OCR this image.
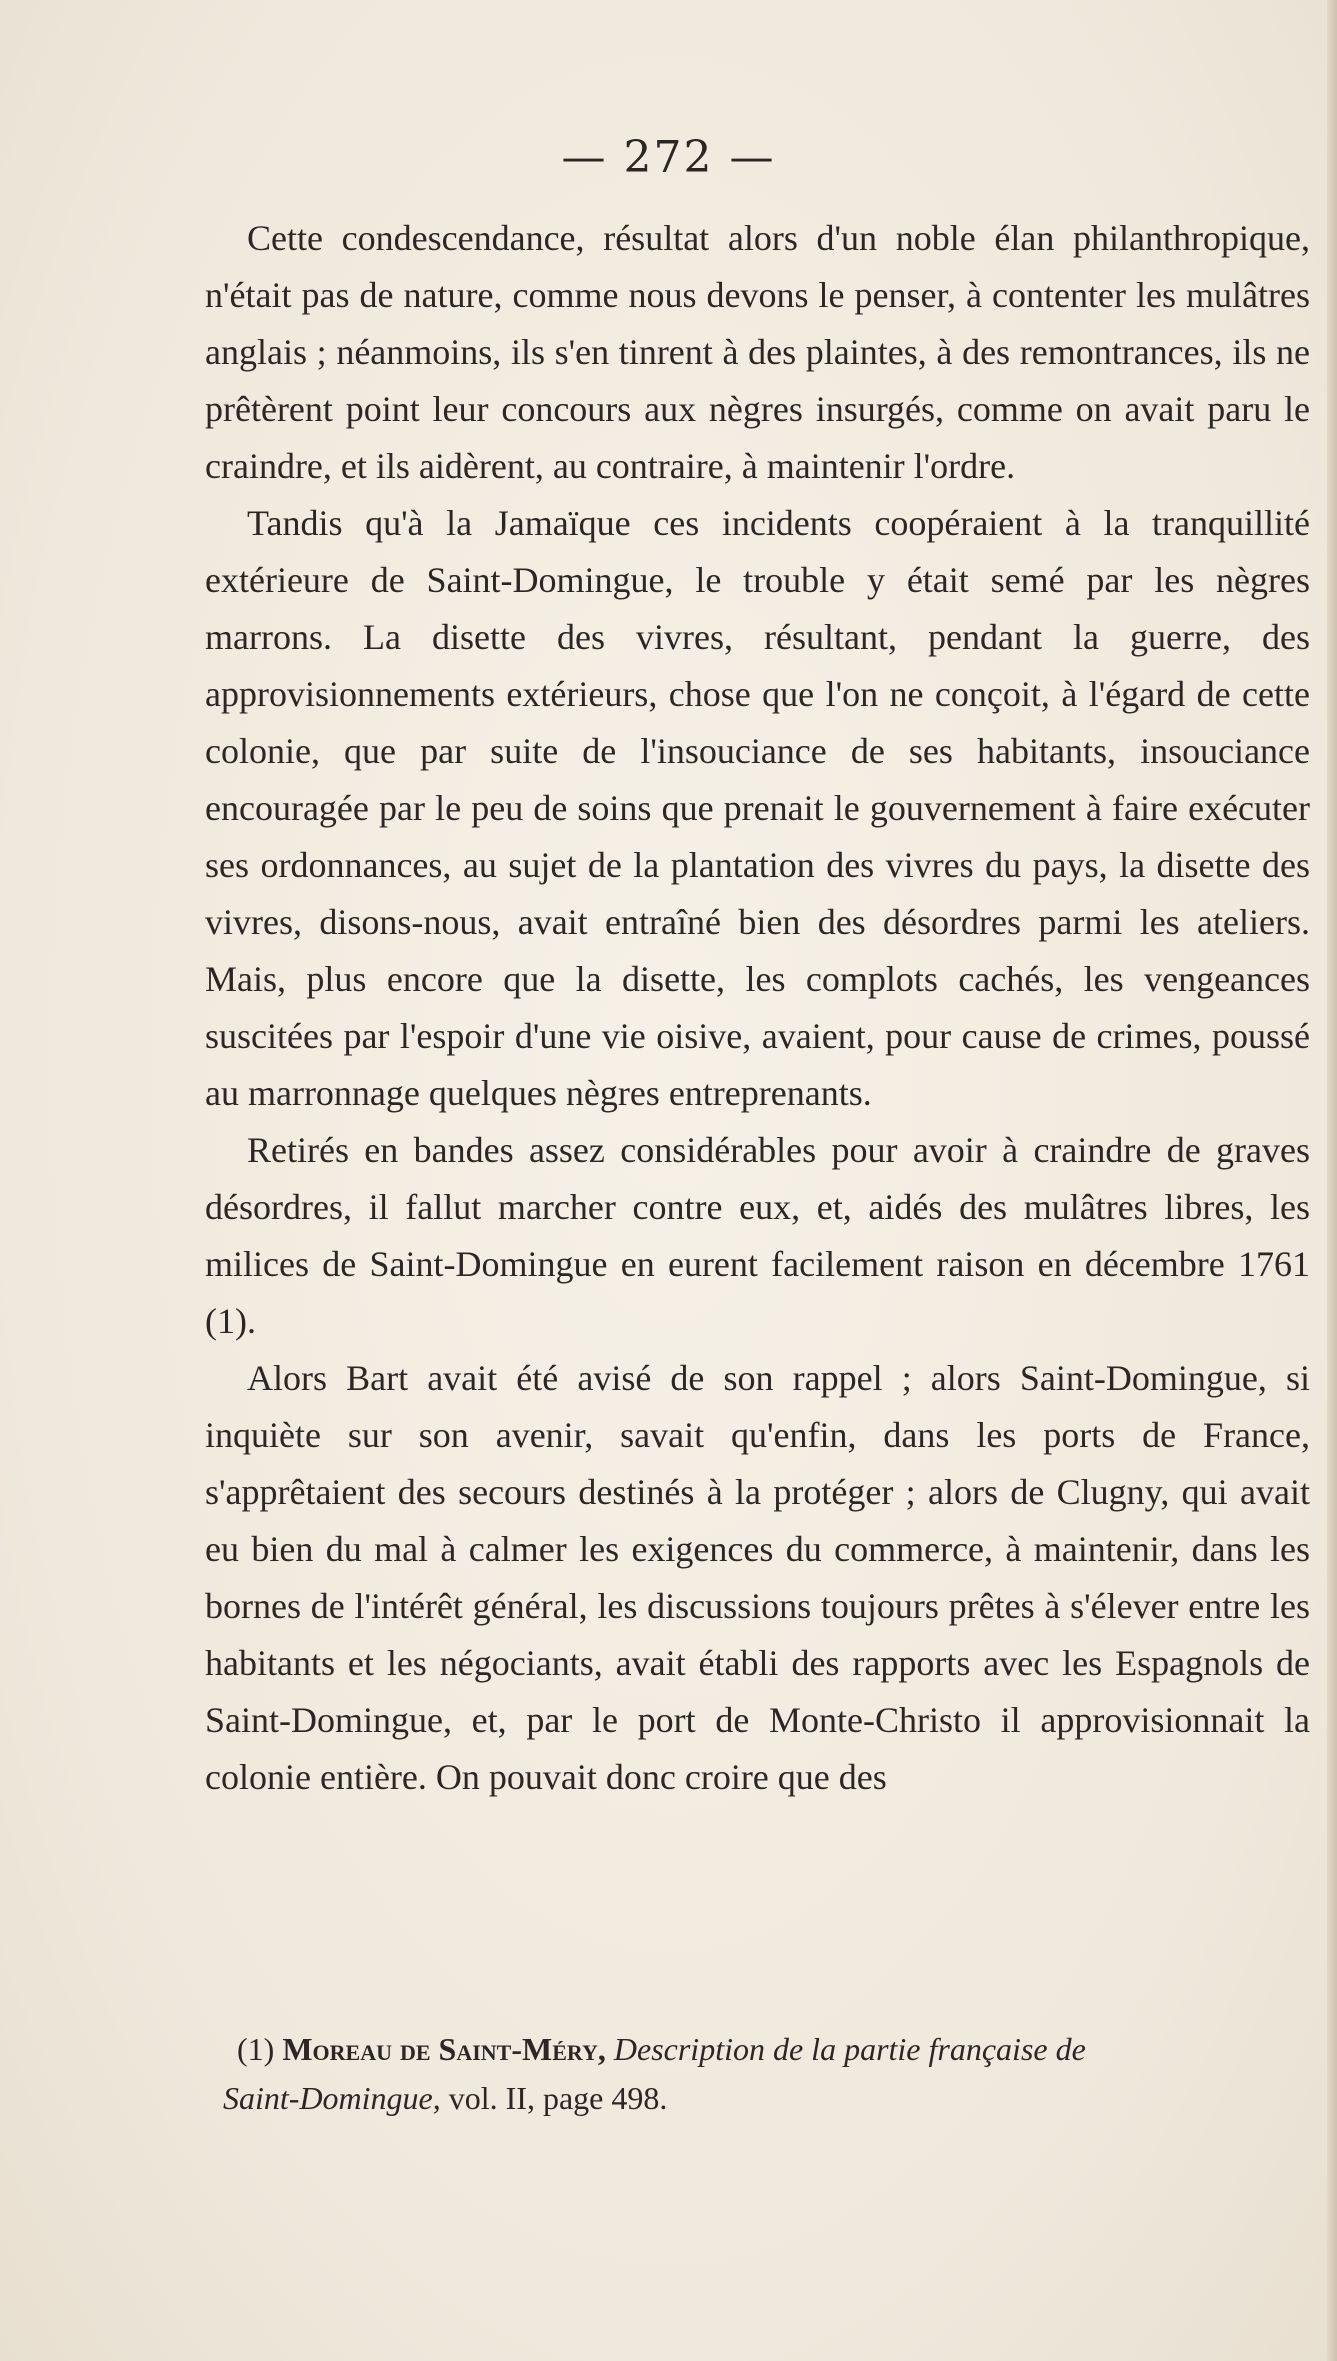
— 272 —

Cette condescendance, résultat alors d'un noble élan philanthropique, n'était pas de nature, comme nous devons le penser, à contenter les mulâtres anglais ; néanmoins, ils s'en tinrent à des plaintes, à des remontrances, ils ne prêtèrent point leur concours aux nègres insurgés, comme on avait paru le craindre, et ils aidèrent, au contraire, à maintenir l'ordre.

Tandis qu'à la Jamaïque ces incidents coopéraient à la tranquillité extérieure de Saint-Domingue, le trouble y était semé par les nègres marrons. La disette des vivres, résultant, pendant la guerre, des approvisionnements extérieurs, chose que l'on ne conçoit, à l'égard de cette colonie, que par suite de l'insouciance de ses habitants, insouciance encouragée par le peu de soins que prenait le gouvernement à faire exécuter ses ordonnances, au sujet de la plantation des vivres du pays, la disette des vivres, disons-nous, avait entraîné bien des désordres parmi les ateliers. Mais, plus encore que la disette, les complots cachés, les vengeances suscitées par l'espoir d'une vie oisive, avaient, pour cause de crimes, poussé au marronnage quelques nègres entreprenants.

Retirés en bandes assez considérables pour avoir à craindre de graves désordres, il fallut marcher contre eux, et, aidés des mulâtres libres, les milices de Saint-Domingue en eurent facilement raison en décembre 1761 (1).

Alors Bart avait été avisé de son rappel ; alors Saint-Domingue, si inquiète sur son avenir, savait qu'enfin, dans les ports de France, s'apprêtaient des secours destinés à la protéger ; alors de Clugny, qui avait eu bien du mal à calmer les exigences du commerce, à maintenir, dans les bornes de l'intérêt général, les discussions toujours prêtes à s'élever entre les habitants et les négociants, avait établi des rapports avec les Espagnols de Saint-Domingue, et, par le port de Monte-Christo il approvisionnait la colonie entière. On pouvait donc croire que des

(1) Moreau de Saint-Méry, Description de la partie française de
Saint-Domingue, vol. II, page 498.
